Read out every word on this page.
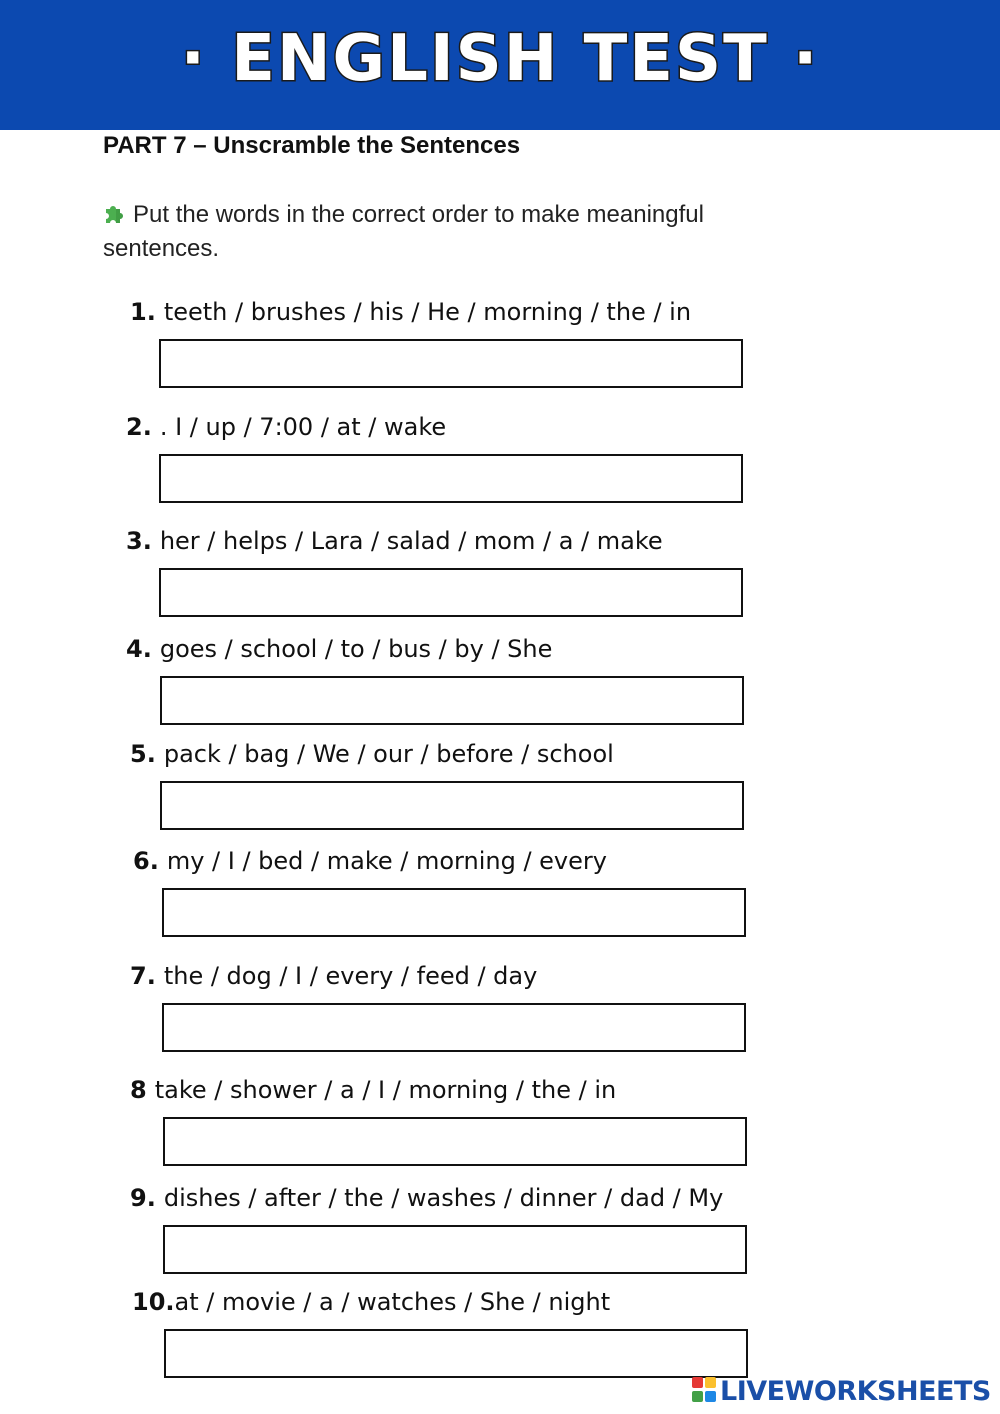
· ENGLISH TEST ·
PART 7 – Unscramble the Sentences
Put the words in the correct order to make meaningful sentences.
1. teeth / brushes / his / He / morning / the / in
2. . I / up / 7:00 / at / wake
3. her / helps / Lara / salad / mom / a / make
4. goes / school / to / bus / by / She
5. pack / bag / We / our / before / school
6. my / I / bed / make / morning / every
7. the / dog / I / every / feed / day
8 take / shower / a / I / morning / the / in
9. dishes / after / the / washes / dinner / dad / My
10.at / movie / a / watches / She / night
LIVEWORKSHEETS
